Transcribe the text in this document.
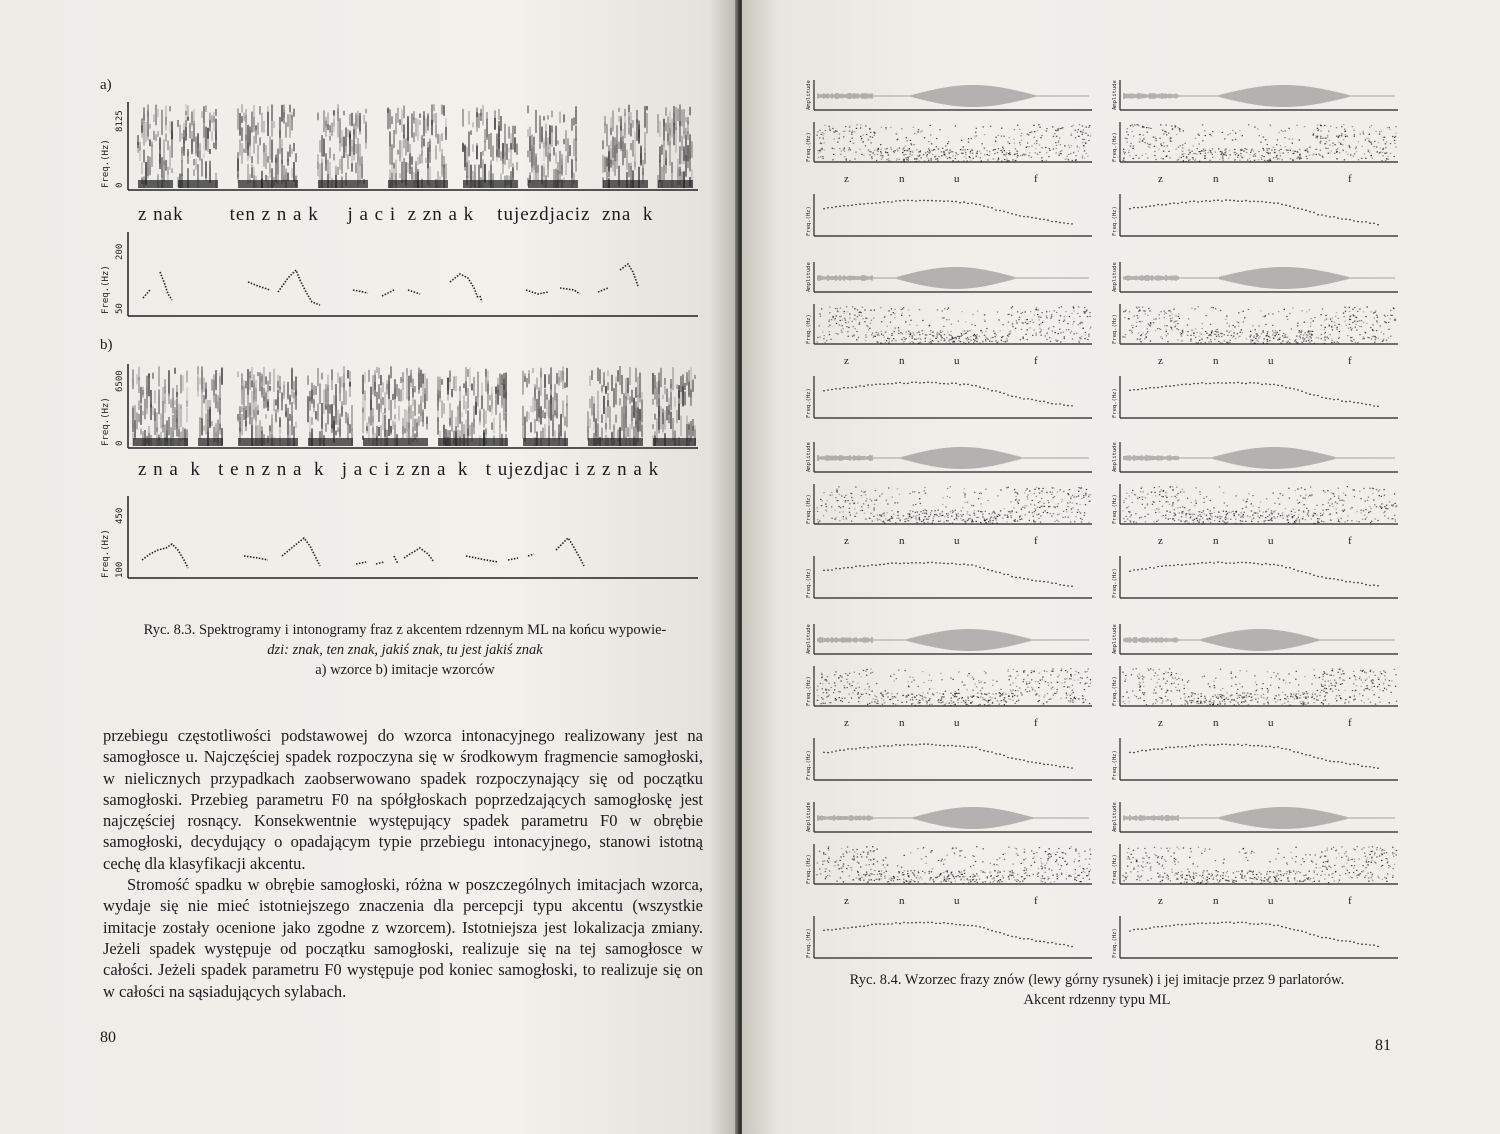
a)
Freq.(Hz) 0
8125
z nak        ten z n a k     j a c i  z zn a k    tujezdjaciz  zna  k
Freq.(Hz) 50
200
b)
Freq.(Hz) 0
6500
z n a  k   t e n z n a  k   j a c i z zn a  k   t ujezdjac i z z n a k
Freq.(Hz) 100
450
Ryc. 8.3. Spektrogramy i intonogramy fraz z akcentem rdzennym ML na końcu wypowie-
dzi: znak, ten znak, jakiś znak, tu jest jakiś znak
a) wzorce b) imitacje wzorców

przebiegu częstotliwości podstawowej do wzorca intonacyjnego realizowany jest na samogłosce u. Najczęściej spadek rozpoczyna się w środkowym fragmencie samogłoski, w nielicznych przypadkach zaobserwowano spadek rozpoczynający się od początku samogłoski. Przebieg parametru F0 na spółgłoskach poprzedzających samogłoskę jest najczęściej rosnący. Konsekwentnie występujący spadek parametru F0 w obrębie samogłoski, decydujący o opadającym typie przebiegu intonacyjnego, stanowi istotną cechę dla klasyfikacji akcentu.

Stromość spadku w obrębie samogłoski, różna w poszczególnych imitacjach wzorca, wydaje się nie mieć istotniejszego znaczenia dla percepcji typu akcentu (wszystkie imitacje zostały ocenione jako zgodne z wzorcem). Istotniejsza jest lokalizacja zmiany. Jeżeli spadek występuje od początku samogłoski, realizuje się na tej samogłosce w całości. Jeżeli spadek parametru F0 występuje pod koniec samogłoski, to realizuje się on w całości na sąsiadujących sylabach.

80
Amplitude
Freq.(Hz)
Freq.(Hz)
z	n	u	f
Amplitude
Freq.(Hz)
Freq.(Hz)
z	n	u	f
Amplitude
Freq.(Hz)
Freq.(Hz)
z	n	u	f
Amplitude
Freq.(Hz)
Freq.(Hz)
z	n	u	f
Amplitude
Freq.(Hz)
Freq.(Hz)
z	n	u	f
Amplitude
Freq.(Hz)
Freq.(Hz)
z	n	u	f
Amplitude
Freq.(Hz)
Freq.(Hz)
z	n	u	f
Amplitude
Freq.(Hz)
Freq.(Hz)
z	n	u	f
Amplitude
Freq.(Hz)
Freq.(Hz)
z	n	u	f
Amplitude
Freq.(Hz)
Freq.(Hz)
z	n	u	f
Ryc. 8.4. Wzorzec frazy znów (lewy górny rysunek) i jej imitacje przez 9 parlatorów.
Akcent rdzenny typu ML
81
